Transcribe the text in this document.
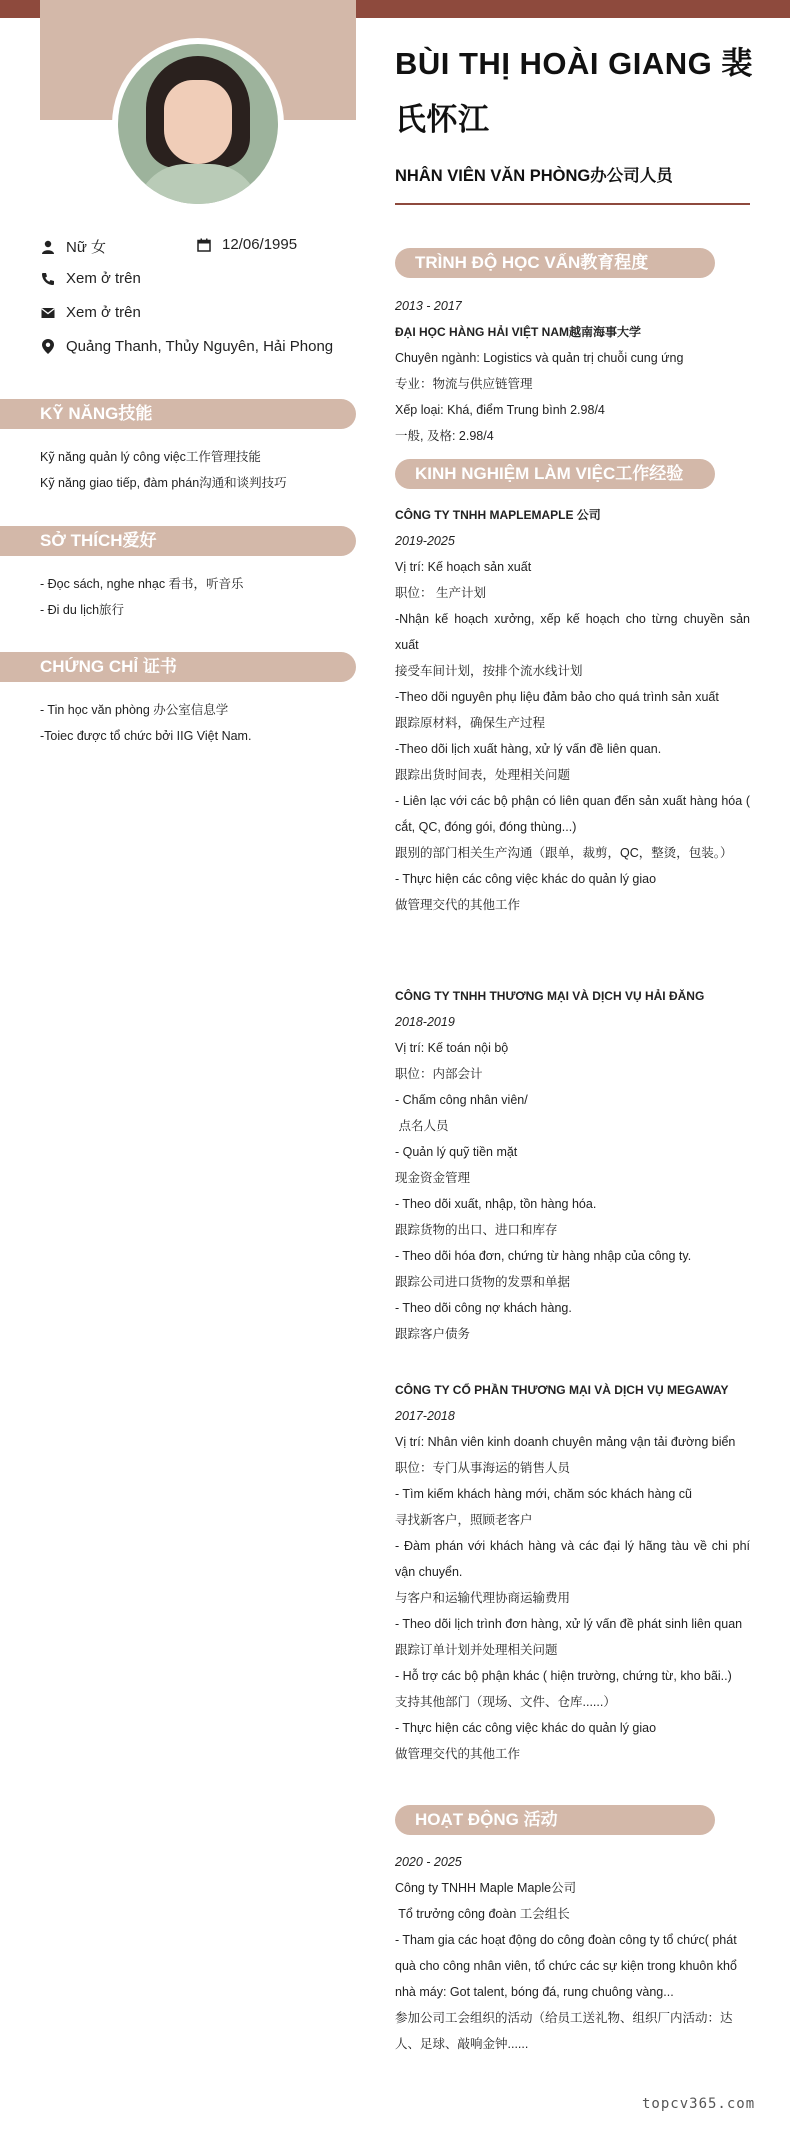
Nữ 女	12/06/1995
Xem ở trên
Xem ở trên
Quảng Thanh, Thủy Nguyên, Hải Phong
KỸ NĂNG技能
Kỹ năng quản lý công việc工作管理技能
Kỹ năng giao tiếp, đàm phán沟通和谈判技巧
SỞ THÍCH爱好
- Đọc sách, nghe nhạc 看书，听音乐
- Đi du lịch旅行
CHỨNG CHỈ 证书
- Tin học văn phòng 办公室信息学
-Toiec được tổ chức bởi IIG Việt Nam.
BÙI THỊ HOÀI GIANG 裴氏怀江
NHÂN VIÊN VĂN PHÒNG办公司人员
TRÌNH ĐỘ HỌC VẤN教育程度
2013 - 2017
ĐẠI HỌC HÀNG HẢI VIỆT NAM越南海事大学
Chuyên ngành: Logistics và quản trị chuỗi cung ứng
专业：物流与供应链管理
Xếp loại: Khá, điểm Trung bình 2.98/4
一般, 及格: 2.98/4
KINH NGHIỆM LÀM VIỆC工作经验
CÔNG TY TNHH MAPLEMAPLE 公司
2019-2025
Vị trí: Kế hoạch sản xuất
职位： 生产计划
-Nhận kế hoạch xưởng, xếp kế hoạch cho từng chuyền sản xuất
接受车间计划，按排个流水线计划
-Theo dõi nguyên phụ liệu đảm bảo cho quá trình sản xuất
跟踪原材料，确保生产过程
-Theo dõi lịch xuất hàng, xử lý vấn đề liên quan.
跟踪出货时间表，处理相关问题
- Liên lạc với các bộ phận có liên quan đến sản xuất hàng hóa ( cắt, QC, đóng gói, đóng thùng...)
跟别的部门相关生产沟通（跟单，裁剪，QC，整烫，包装。）
- Thực hiện các công việc khác do quản lý giao
做管理交代的其他工作
CÔNG TY TNHH THƯƠNG MẠI VÀ DỊCH VỤ HẢI ĐĂNG
2018-2019
Vị trí: Kế toán nội bộ
职位：内部会计
- Chấm công nhân viên/
点名人员
- Quản lý quỹ tiền mặt
现金资金管理
- Theo dõi xuất, nhập, tồn hàng hóa.
跟踪货物的出口、进口和库存
- Theo dõi hóa đơn, chứng từ hàng nhập của công ty.
跟踪公司进口货物的发票和单据
- Theo dõi công nợ khách hàng.
跟踪客户债务
CÔNG TY CỔ PHẦN THƯƠNG MẠI VÀ DỊCH VỤ MEGAWAY
2017-2018
Vị trí: Nhân viên kinh doanh chuyên mảng vận tải đường biển
职位：专门从事海运的销售人员
- Tìm kiếm khách hàng mới, chăm sóc khách hàng cũ
寻找新客户，照顾老客户
- Đàm phán với khách hàng và các đại lý hãng tàu về chi phí vận chuyển.
与客户和运输代理协商运输费用
- Theo dõi lịch trình đơn hàng, xử lý vấn đề phát sinh liên quan
跟踪订单计划并处理相关问题
- Hỗ trợ các bộ phận khác ( hiện trường, chứng từ, kho bãi..)
支持其他部门（现场、文件、仓库......）
- Thực hiện các công việc khác do quản lý giao
做管理交代的其他工作
HOẠT ĐỘNG 活动
2020 - 2025
Công ty TNHH Maple Maple公司
Tổ trưởng công đoàn 工会组长
- Tham gia các hoạt động do công đoàn công ty tổ chức( phát quà cho công nhân viên, tổ chức các sự kiện trong khuôn khổ nhà máy: Got talent, bóng đá, rung chuông vàng...
参加公司工会组织的活动（给员工送礼物、组织厂内活动：达人、足球、敲响金钟......
topcv365.com
